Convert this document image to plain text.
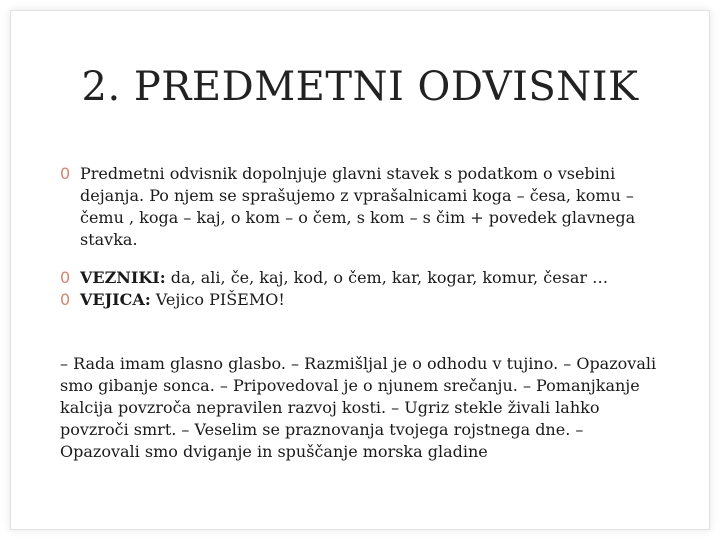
2. PREDMETNI ODVISNIK
0 Predmetni odvisnik dopolnjuje glavni stavek s podatkom o vsebini dejanja. Po njem se sprašujemo z vprašalnicami koga – česa, komu – čemu , koga – kaj, o kom – o čem, s kom – s čim + povedek glavnega stavka.
0 VEZNIKI: da, ali, če, kaj, kod, o čem, kar, kogar, komur, česar …
0 VEJICA: Vejico PIŠEMO!

– Rada imam glasno glasbo. – Razmišljal je o odhodu v tujino. – Opazovali smo gibanje sonca. – Pripovedoval je o njunem srečanju. – Pomanjkanje kalcija povzroča nepravilen razvoj kosti. – Ugriz stekle živali lahko povzroči smrt. – Veselim se praznovanja tvojega rojstnega dne. – Opazovali smo dviganje in spuščanje morska gladine
